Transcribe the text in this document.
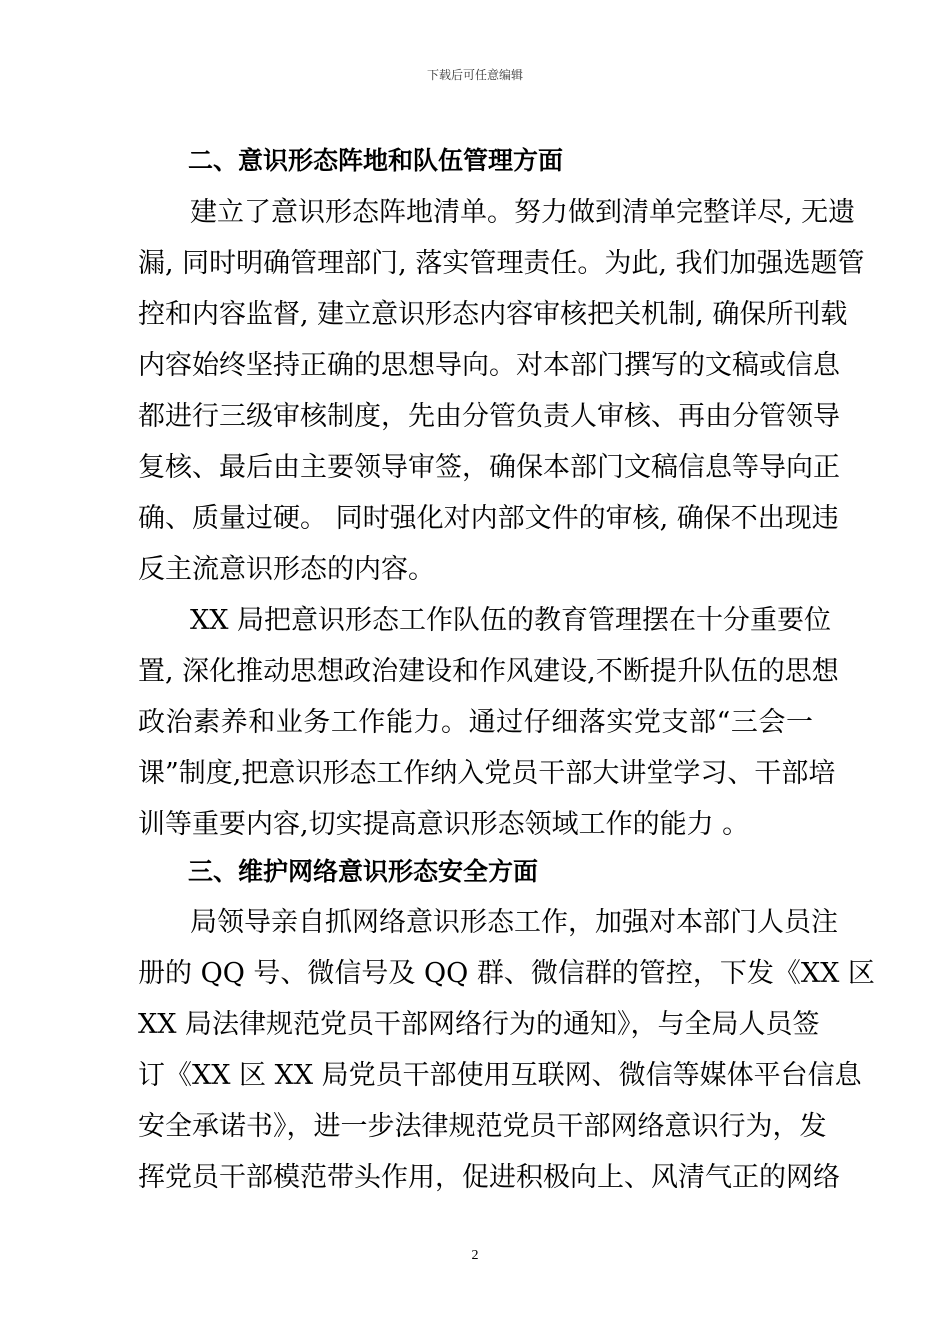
下载后可任意编辑
二、意识形态阵地和队伍管理方面
建立了意识形态阵地清单。努力做到清单完整详尽, 无遗
漏, 同时明确管理部门, 落实管理责任。为此, 我们加强选题管
控和内容监督, 建立意识形态内容审核把关机制, 确保所刊载
内容始终坚持正确的思想导向。对本部门撰写的文稿或信息
都进行三级审核制度，先由分管负责人审核、再由分管领导
复核、最后由主要领导审签，确保本部门文稿信息等导向正
确、质量过硬。 同时强化对内部文件的审核, 确保不出现违
反主流意识形态的内容。
XX 局把意识形态工作队伍的教育管理摆在十分重要位
置, 深化推动思想政治建设和作风建设,不断提升队伍的思想
政治素养和业务工作能力。通过仔细落实党支部“三会一
课”制度,把意识形态工作纳入党员干部大讲堂学习、干部培
训等重要内容,切实提高意识形态领域工作的能力 。
三、维护网络意识形态安全方面
局领导亲自抓网络意识形态工作，加强对本部门人员注
册的 QQ 号、微信号及 QQ 群、微信群的管控，下发《XX 区
XX 局法律规范党员干部网络行为的通知》，与全局人员签
订《XX 区 XX 局党员干部使用互联网、微信等媒体平台信息
安全承诺书》，进一步法律规范党员干部网络意识行为，发
挥党员干部模范带头作用，促进积极向上、风清气正的网络
2
